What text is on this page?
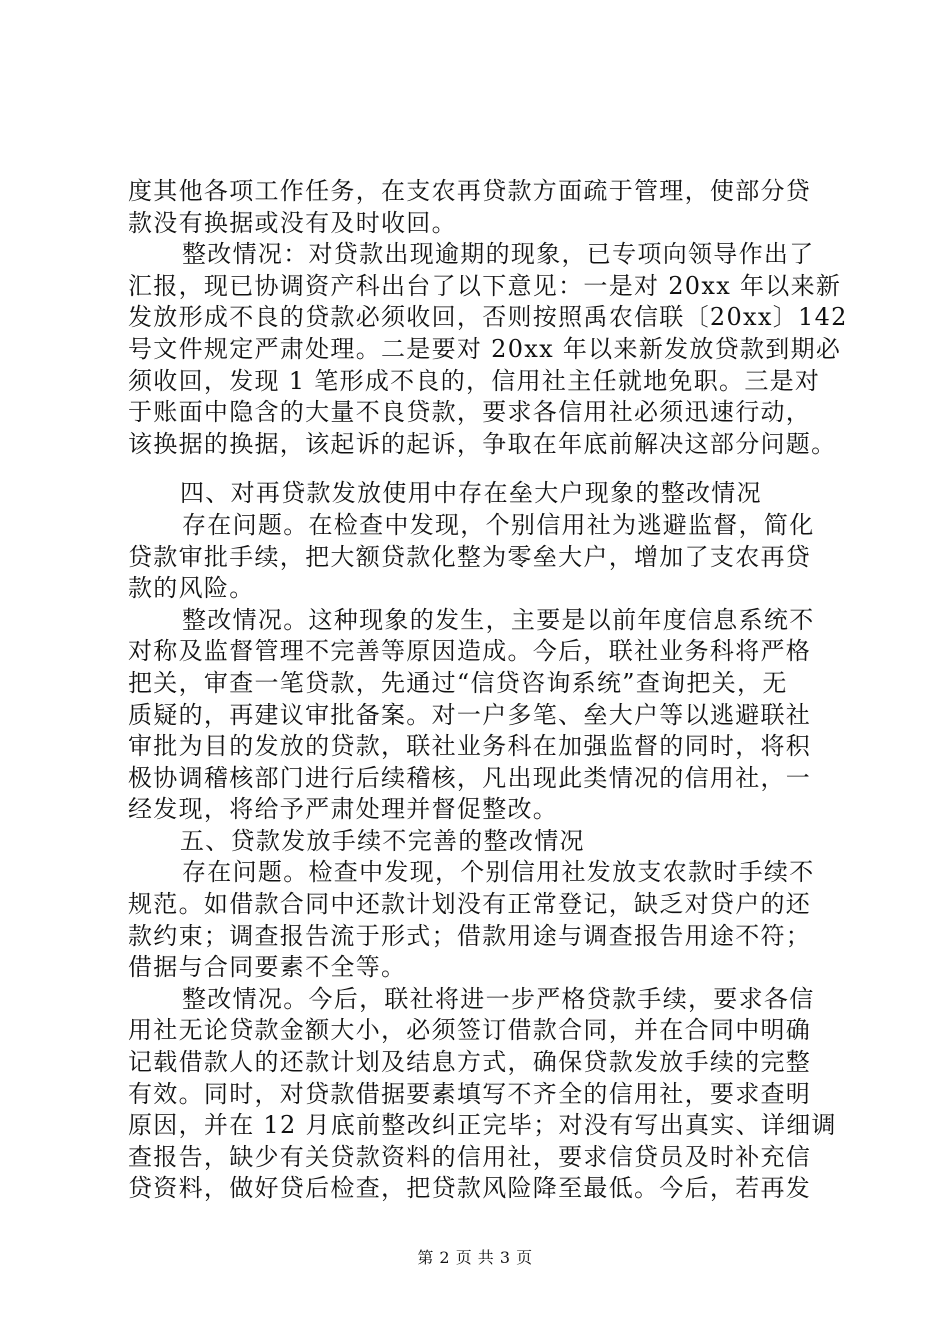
度其他各项工作任务，在支农再贷款方面疏于管理，使部分贷
款没有换据或没有及时收回。
整改情况：对贷款出现逾期的现象，已专项向领导作出了
汇报，现已协调资产科出台了以下意见：一是对 20xx 年以来新
发放形成不良的贷款必须收回，否则按照禹农信联〔20xx〕142
号文件规定严肃处理。二是要对 20xx 年以来新发放贷款到期必
须收回，发现 1 笔形成不良的，信用社主任就地免职。三是对
于账面中隐含的大量不良贷款，要求各信用社必须迅速行动，
该换据的换据，该起诉的起诉，争取在年底前解决这部分问题。
四、对再贷款发放使用中存在垒大户现象的整改情况
存在问题。在检查中发现，个别信用社为逃避监督，简化
贷款审批手续，把大额贷款化整为零垒大户，增加了支农再贷
款的风险。
整改情况。这种现象的发生，主要是以前年度信息系统不
对称及监督管理不完善等原因造成。今后，联社业务科将严格
把关，审查一笔贷款，先通过“信贷咨询系统”查询把关，无
质疑的，再建议审批备案。对一户多笔、垒大户等以逃避联社
审批为目的发放的贷款，联社业务科在加强监督的同时，将积
极协调稽核部门进行后续稽核，凡出现此类情况的信用社，一
经发现，将给予严肃处理并督促整改。
五、贷款发放手续不完善的整改情况
存在问题。检查中发现，个别信用社发放支农款时手续不
规范。如借款合同中还款计划没有正常登记，缺乏对贷户的还
款约束；调查报告流于形式；借款用途与调查报告用途不符；
借据与合同要素不全等。
整改情况。今后，联社将进一步严格贷款手续，要求各信
用社无论贷款金额大小，必须签订借款合同，并在合同中明确
记载借款人的还款计划及结息方式，确保贷款发放手续的完整
有效。同时，对贷款借据要素填写不齐全的信用社，要求查明
原因，并在 12 月底前整改纠正完毕；对没有写出真实、详细调
查报告，缺少有关贷款资料的信用社，要求信贷员及时补充信
贷资料，做好贷后检查，把贷款风险降至最低。今后，若再发
第 2 页 共 3 页
